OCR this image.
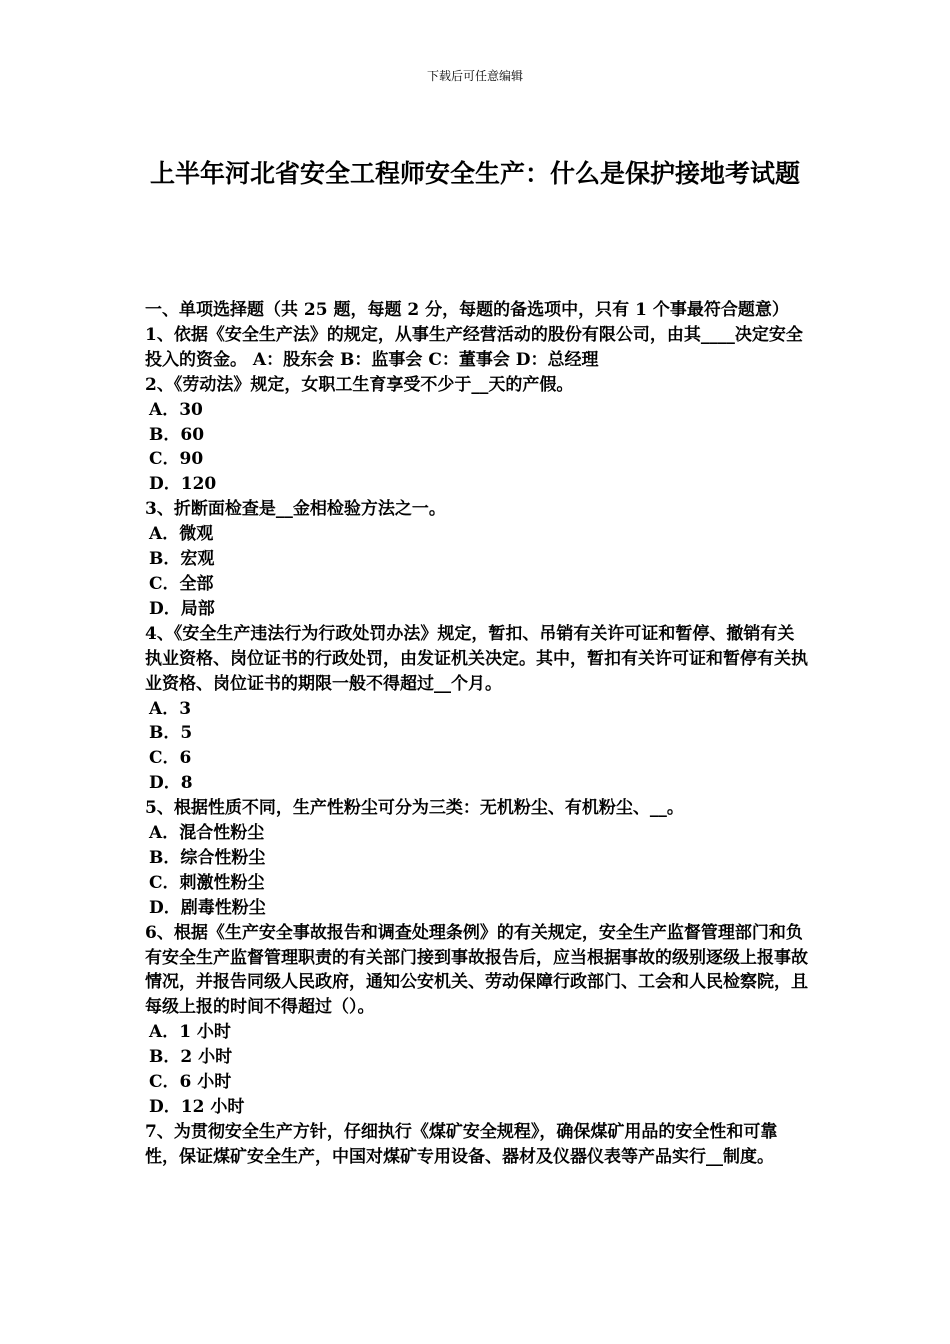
下载后可任意编辑
上半年河北省安全工程师安全生产：什么是保护接地考试题

一、单项选择题（共 25 题，每题 2 分，每题的备选项中，只有 1 个事最符合题意）

1、依据《安全生产法》的规定，从事生产经营活动的股份有限公司，由其____决定安全投入的资金。 A：股东会 B：监事会 C：董事会 D：总经理

2、《劳动法》规定，女职工生育享受不少于__天的产假。

A．30

B．60

C．90

D．120

3、折断面检查是__金相检验方法之一。

A．微观

B．宏观

C．全部

D．局部

4、《安全生产违法行为行政处罚办法》规定，暂扣、吊销有关许可证和暂停、撤销有关执业资格、岗位证书的行政处罚，由发证机关决定。其中，暂扣有关许可证和暂停有关执业资格、岗位证书的期限一般不得超过__个月。

A．3

B．5

C．6

D．8

5、根据性质不同，生产性粉尘可分为三类：无机粉尘、有机粉尘、__。

A．混合性粉尘

B．综合性粉尘

C．刺激性粉尘

D．剧毒性粉尘

6、根据《生产安全事故报告和调查处理条例》的有关规定，安全生产监督管理部门和负有安全生产监督管理职责的有关部门接到事故报告后，应当根据事故的级别逐级上报事故情况，并报告同级人民政府，通知公安机关、劳动保障行政部门、工会和人民检察院，且每级上报的时间不得超过（）。

A．1 小时

B．2 小时

C．6 小时

D．12 小时

7、为贯彻安全生产方针，仔细执行《煤矿安全规程》，确保煤矿用品的安全性和可靠性，保证煤矿安全生产，中国对煤矿专用设备、器材及仪器仪表等产品实行__制度。
